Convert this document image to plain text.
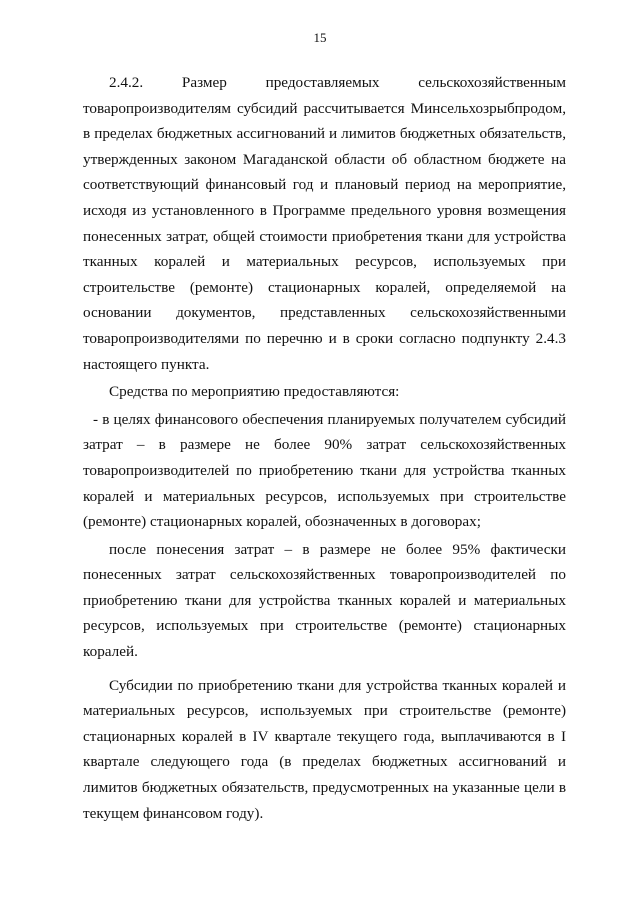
15

2.4.2. Размер предоставляемых сельскохозяйственным товаропроизводителям субсидий рассчитывается Минсельхозрыбпродом, в пределах бюджетных ассигнований и лимитов бюджетных обязательств, утвержденных законом Магаданской области об областном бюджете на соответствующий финансовый год и плановый период на мероприятие, исходя из установленного в Программе предельного уровня возмещения понесенных затрат, общей стоимости приобретения ткани для устройства тканных коралей и материальных ресурсов, используемых при строительстве (ремонте) стационарных коралей, определяемой на основании документов, представленных сельскохозяйственными товаропроизводителями по перечню и в сроки согласно подпункту 2.4.3 настоящего пункта.

Средства по мероприятию предоставляются:

- в целях финансового обеспечения планируемых получателем субсидий затрат – в размере не более 90% затрат сельскохозяйственных товаропроизводителей по приобретению ткани для устройства тканных коралей и материальных ресурсов, используемых при строительстве (ремонте) стационарных коралей, обозначенных в договорах;

после понесения затрат – в размере не более 95% фактически понесенных затрат сельскохозяйственных товаропроизводителей по приобретению ткани для устройства тканных коралей и материальных ресурсов, используемых при строительстве (ремонте) стационарных коралей.

Субсидии по приобретению ткани для устройства тканных коралей и материальных ресурсов, используемых при строительстве (ремонте) стационарных коралей в IV квартале текущего года, выплачиваются в I квартале следующего года (в пределах бюджетных ассигнований и лимитов бюджетных обязательств, предусмотренных на указанные цели в текущем финансовом году).
